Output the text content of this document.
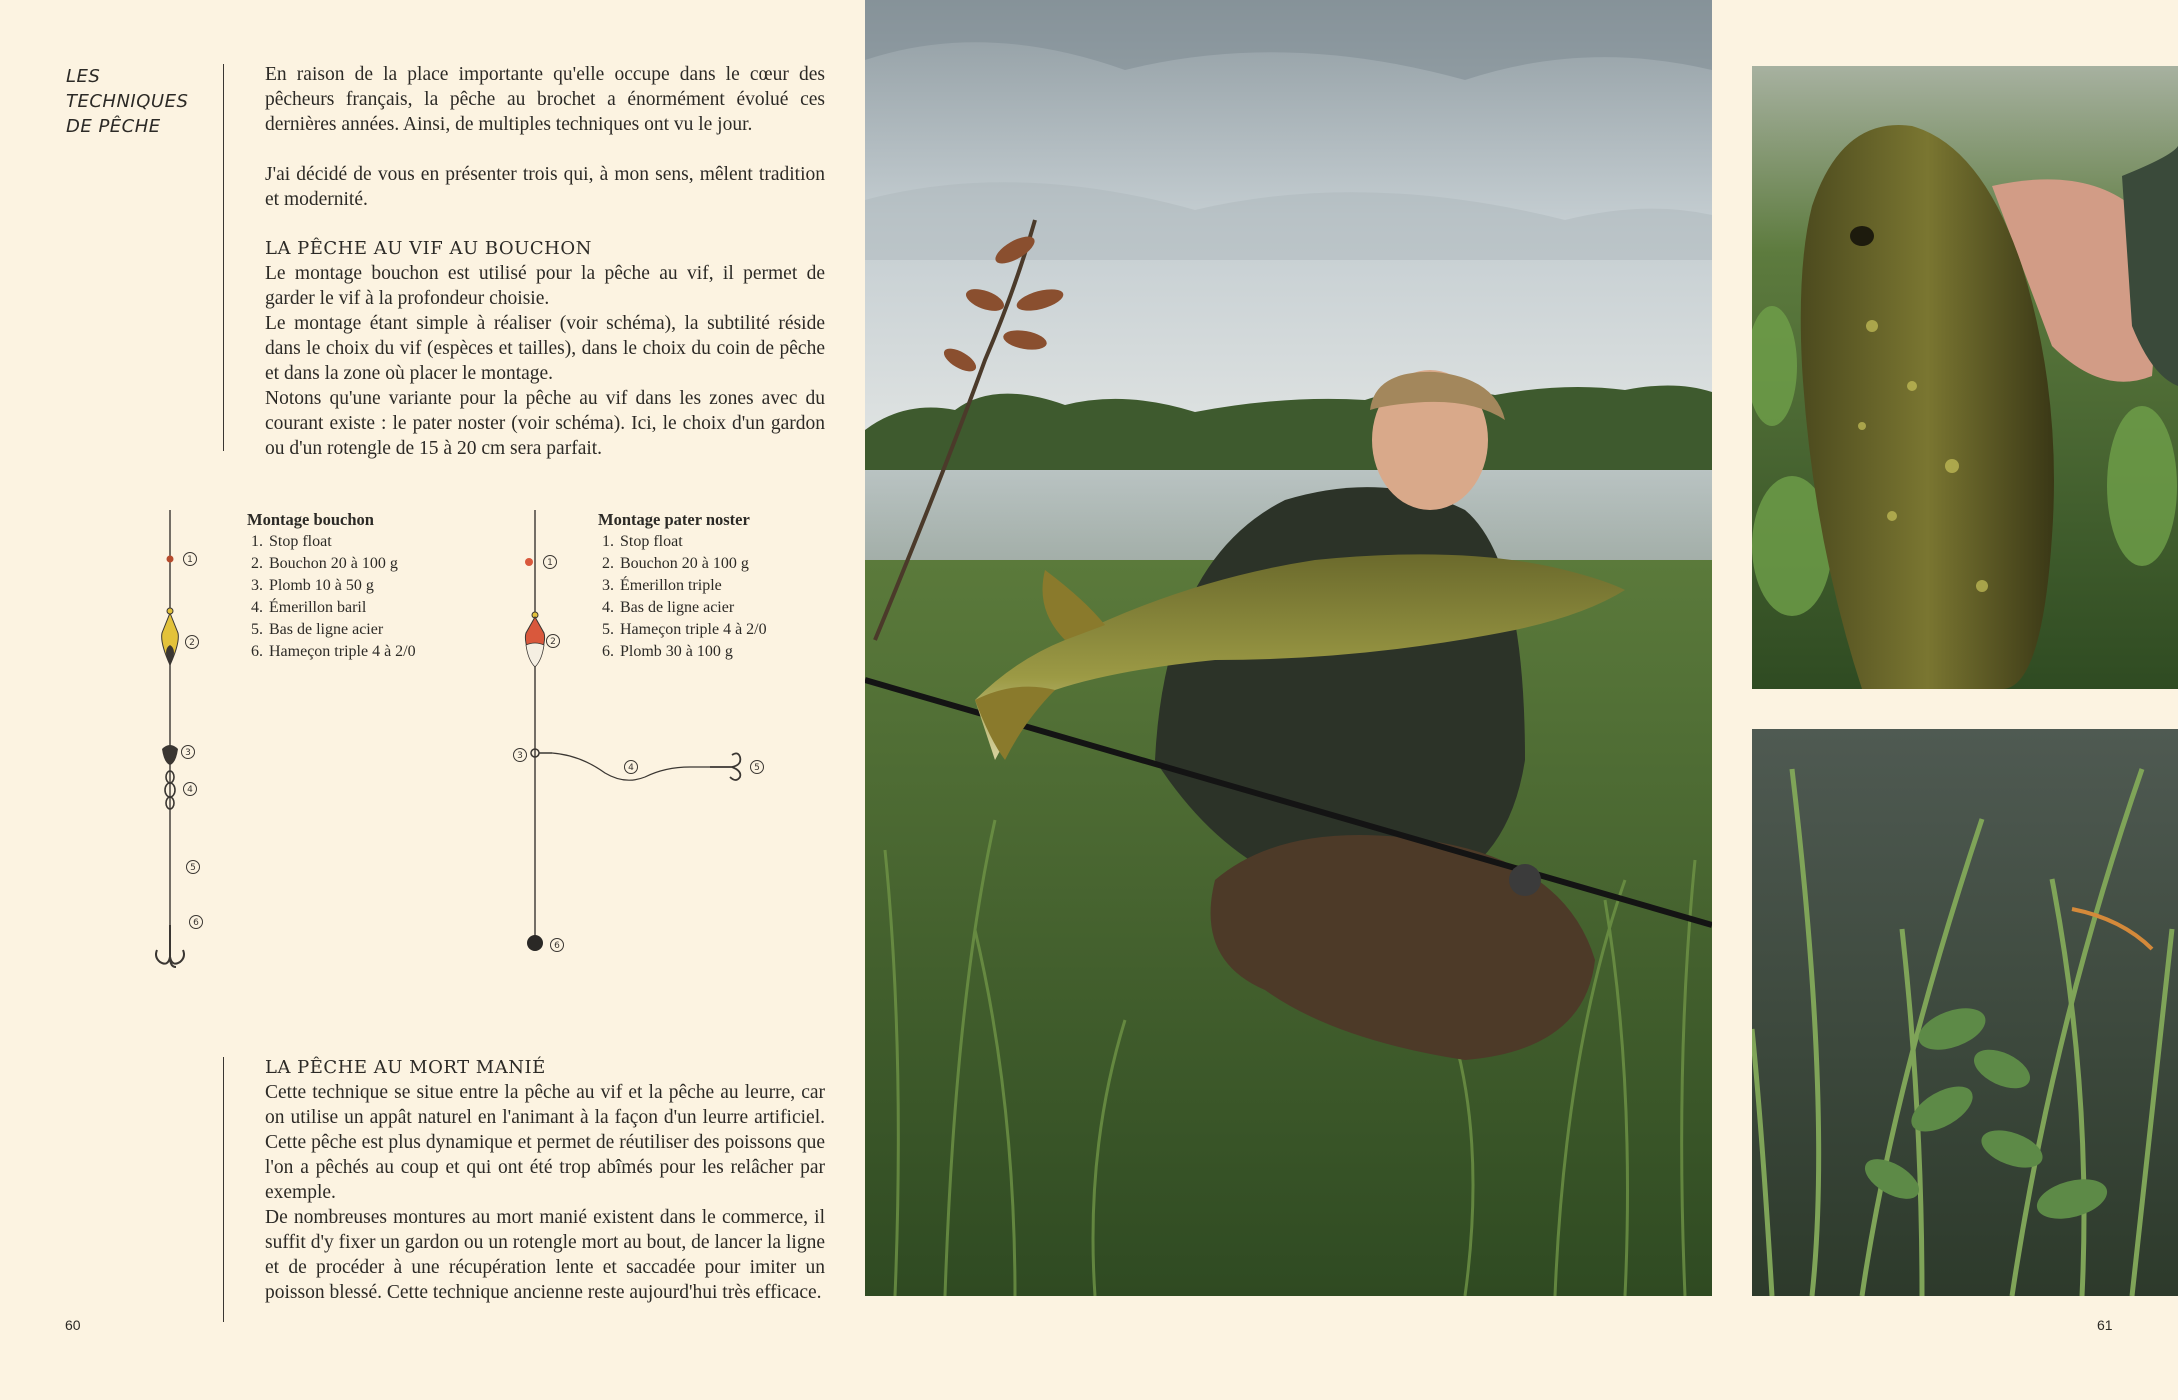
LES TECHNIQUES DE PÊCHE

En raison de la place importante qu'elle occupe dans le cœur des pêcheurs français, la pêche au brochet a énormément évolué ces dernières années. Ainsi, de multiples techniques ont vu le jour.

J'ai décidé de vous en présenter trois qui, à mon sens, mêlent tradition et modernité.

LA PÊCHE AU VIF AU BOUCHON

Le montage bouchon est utilisé pour la pêche au vif, il permet de garder le vif à la profondeur choisie.

Le montage étant simple à réaliser (voir schéma), la subtilité réside dans le choix du vif (espèces et tailles), dans le choix du coin de pêche et dans la zone où placer le montage.

Notons qu'une variante pour la pêche au vif dans les zones avec du courant existe : le pater noster (voir schéma). Ici, le choix d'un gardon ou d'un rotengle de 15 à 20 cm sera parfait.

1
2
3
4
5
6
Montage bouchon
1. Stop float
2. Bouchon 20 à 100 g
3. Plomb 10 à 50 g
4. Émerillon baril
5. Bas de ligne acier
6. Hameçon triple 4 à 2/0
1
2
3
4	5
6
Montage pater noster
1. Stop float
2. Bouchon 20 à 100 g
3. Émerillon triple
4. Bas de ligne acier
5. Hameçon triple 4 à 2/0
6. Plomb 30 à 100 g
LA PÊCHE AU MORT MANIÉ

Cette technique se situe entre la pêche au vif et la pêche au leurre, car on utilise un appât naturel en l'animant à la façon d'un leurre artificiel. Cette pêche est plus dynamique et permet de réutiliser des poissons que l'on a pêchés au coup et qui ont été trop abîmés pour les relâcher par exemple.

De nombreuses montures au mort manié existent dans le commerce, il suffit d'y fixer un gardon ou un rotengle mort au bout, de lancer la ligne et de procéder à une récupération lente et saccadée pour imiter un poisson blessé. Cette technique ancienne reste aujourd'hui très efficace.

60	61
